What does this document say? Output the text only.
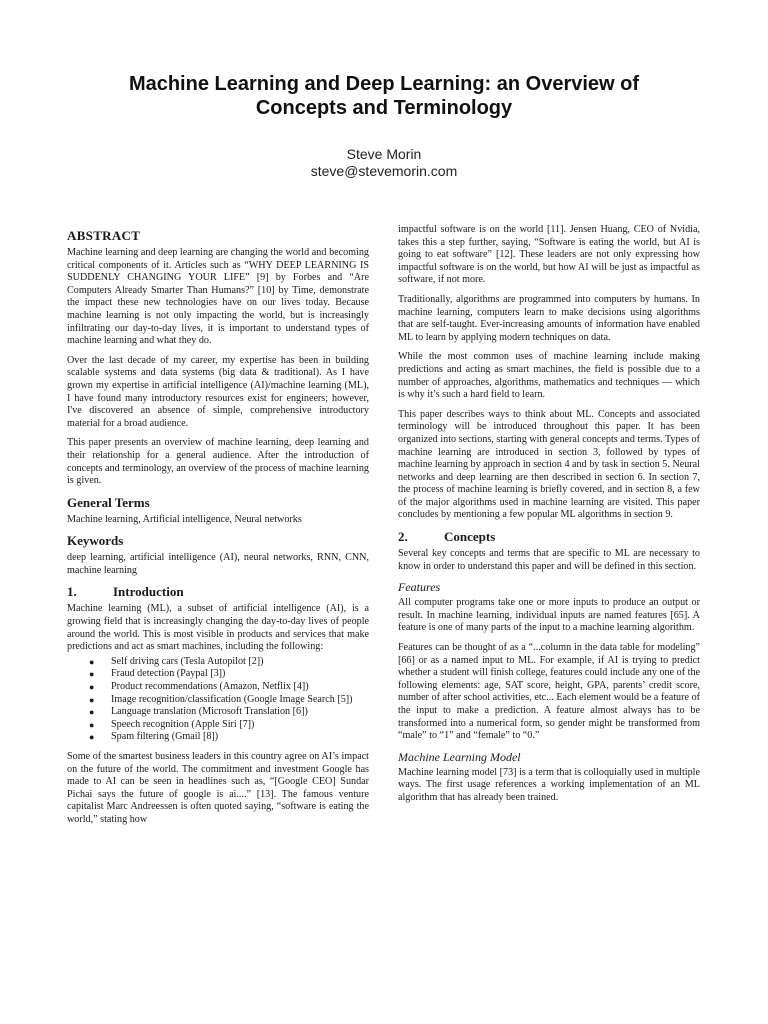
Machine Learning and Deep Learning: an Overview of
Concepts and Terminology
Steve Morin
steve@stevemorin.com
ABSTRACT

Machine learning and deep learning are changing the world and becoming critical components of it. Articles such as “WHY DEEP LEARNING IS SUDDENLY CHANGING YOUR LIFE” [9] by Forbes and “Are Computers Already Smarter Than Humans?” [10] by Time, demonstrate the impact these new technologies have on our lives today. Because machine learning is not only impacting the world, but is increasingly infiltrating our day-to-day lives, it is important to understand types of machine learning and what they do.

Over the last decade of my career, my expertise has been in building scalable systems and data systems (big data & traditional). As I have grown my expertise in artificial intelligence (AI)/machine learning (ML), I have found many introductory resources exist for engineers; however, I've discovered an absence of simple, comprehensive introductory material for a broad audience.

This paper presents an overview of machine learning, deep learning and their relationship for a general audience. After the introduction of concepts and terminology, an overview of the process of machine learning is given.

General Terms

Machine learning, Artificial intelligence, Neural networks

Keywords

deep learning, artificial intelligence (AI), neural networks, RNN, CNN, machine learning

1.	Introduction

Machine learning (ML), a subset of artificial intelligence (AI), is a growing field that is increasingly changing the day-to-day lives of people around the world. This is most visible in products and services that make predictions and act as smart machines, including the following:

● Self driving cars (Tesla Autopilot [2])
● Fraud detection (Paypal [3])
● Product recommendations (Amazon, Netflix [4])
● Image recognition/classification (Google Image Search [5])
● Language translation (Microsoft Translation [6])
● Speech recognition (Apple Siri [7])
● Spam filtering (Gmail [8])

Some of the smartest business leaders in this country agree on AI’s impact on the future of the world. The commitment and investment Google has made to AI can be seen in headlines such as, “[Google CEO] Sundar Pichai says the future of google is ai....” [13]. The famous venture capitalist Marc Andreessen is often quoted saying, “software is eating the world,” stating how

impactful software is on the world [11]. Jensen Huang, CEO of Nvidia, takes this a step further, saying, “Software is eating the world, but AI is going to eat software” [12]. These leaders are not only expressing how impactful software is on the world, but how AI will be just as impactful as software, if not more.

Traditionally, algorithms are programmed into computers by humans. In machine learning, computers learn to make decisions using algorithms that are self-taught. Ever-increasing amounts of information have enabled ML to learn by applying modern techniques on data.

While the most common uses of machine learning include making predictions and acting as smart machines, the field is possible due to a number of approaches, algorithms, mathematics and techniques — which is why it’s such a hard field to learn.

This paper describes ways to think about ML. Concepts and associated terminology will be introduced throughout this paper. It has been organized into sections, starting with general concepts and terms. Types of machine learning are introduced in section 3, followed by types of machine learning by approach in section 4 and by task in section 5. Neural networks and deep learning are then described in section 6. In section 7, the process of machine learning is briefly covered, and in section 8, a few of the major algorithms used in machine learning are visited. This paper concludes by mentioning a few popular ML algorithms in section 9.

2.	Concepts

Several key concepts and terms that are specific to ML are necessary to know in order to understand this paper and will be defined in this section.

Features

All computer programs take one or more inputs to produce an output or result. In machine learning, individual inputs are named features [65]. A feature is one of many parts of the input to a machine learning algorithm.

Features can be thought of as a “...column in the data table for modeling” [66] or as a named input to ML. For example, if AI is trying to predict whether a student will finish college, features could include any one of the following elements: age, SAT score, height, GPA, parents’ credit score, number of after school activities, etc... Each element would be a feature of the input to make a prediction. A feature almost always has to be transformed into a numerical form, so gender might be transformed from “male” to “1” and “female” to “0.”

Machine Learning Model

Machine learning model [73] is a term that is colloquially used in multiple ways. The first usage references a working implementation of an ML algorithm that has already been trained.
